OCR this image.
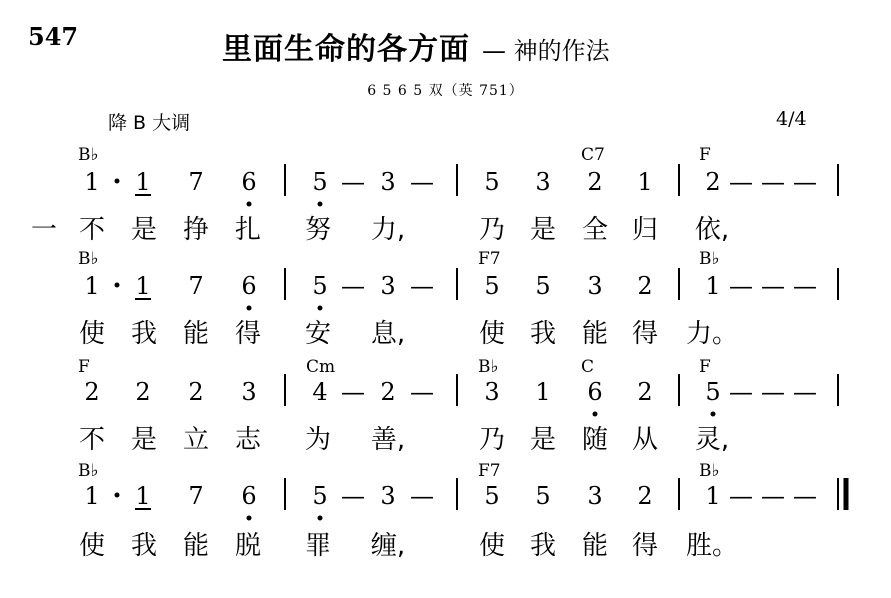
547	里面生命的各方面 — 神的作法
6 5 6 5 双（英 751）
降 B 大调	4/4
B♭	C7	F
1 1 7 6 5 — 3 — 5 3 2 1 2 — — —
一 不 是 挣 扎 努 力,	乃 是 全 归 依,
B♭	F7	B♭
1 1 7 6 5 — 3 — 5 5 3 2 1 — — —
使 我 能 得 安 息,	使 我 能 得 力。
F	Cm	B♭	C	F
2 2 2 3 4 — 2 — 3 1 6 2 5 — — —
不 是 立 志 为 善,	乃 是 随 从 灵,
B♭	F7	B♭
1 1 7 6 5 — 3 — 5 5 3 2 1 — — —
使 我 能 脱 罪 缠,	使 我 能 得 胜。
